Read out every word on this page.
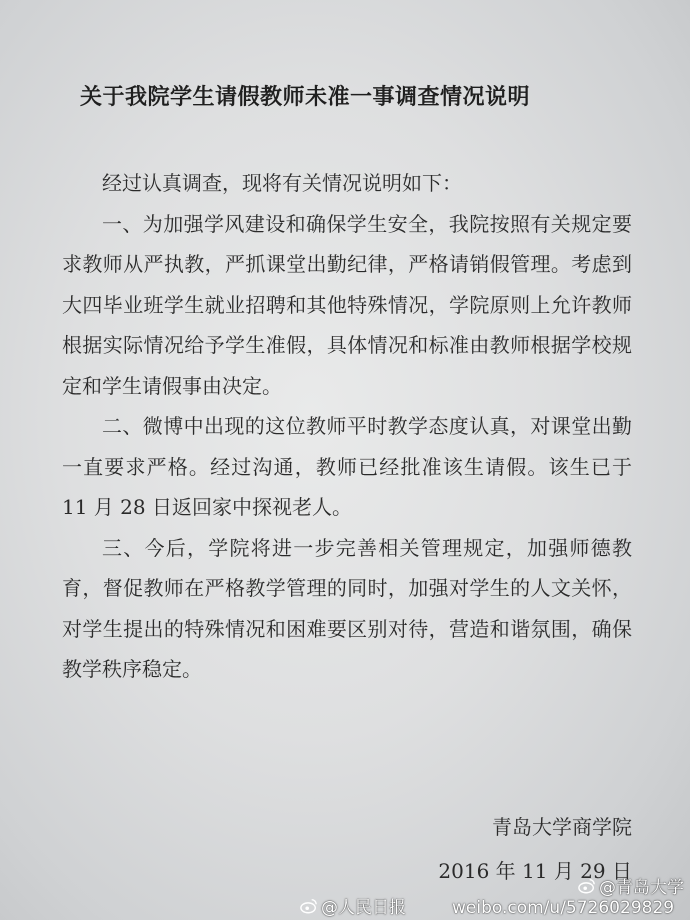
关于我院学生请假教师未准一事调查情况说明

经过认真调查，现将有关情况说明如下：

一、为加强学风建设和确保学生安全，我院按照有关规定要求教师从严执教，严抓课堂出勤纪律，严格请销假管理。考虑到大四毕业班学生就业招聘和其他特殊情况，学院原则上允许教师根据实际情况给予学生准假，具体情况和标准由教师根据学校规定和学生请假事由决定。

二、微博中出现的这位教师平时教学态度认真，对课堂出勤一直要求严格。经过沟通，教师已经批准该生请假。该生已于 11 月 28 日返回家中探视老人。

三、今后，学院将进一步完善相关管理规定，加强师德教育，督促教师在严格教学管理的同时，加强对学生的人文关怀，对学生提出的特殊情况和困难要区别对待，营造和谐氛围，确保教学秩序稳定。

青岛大学商学院
2016 年 11 月 29 日
@人民日报
@青岛大学
weibo.com/u/5726029829
